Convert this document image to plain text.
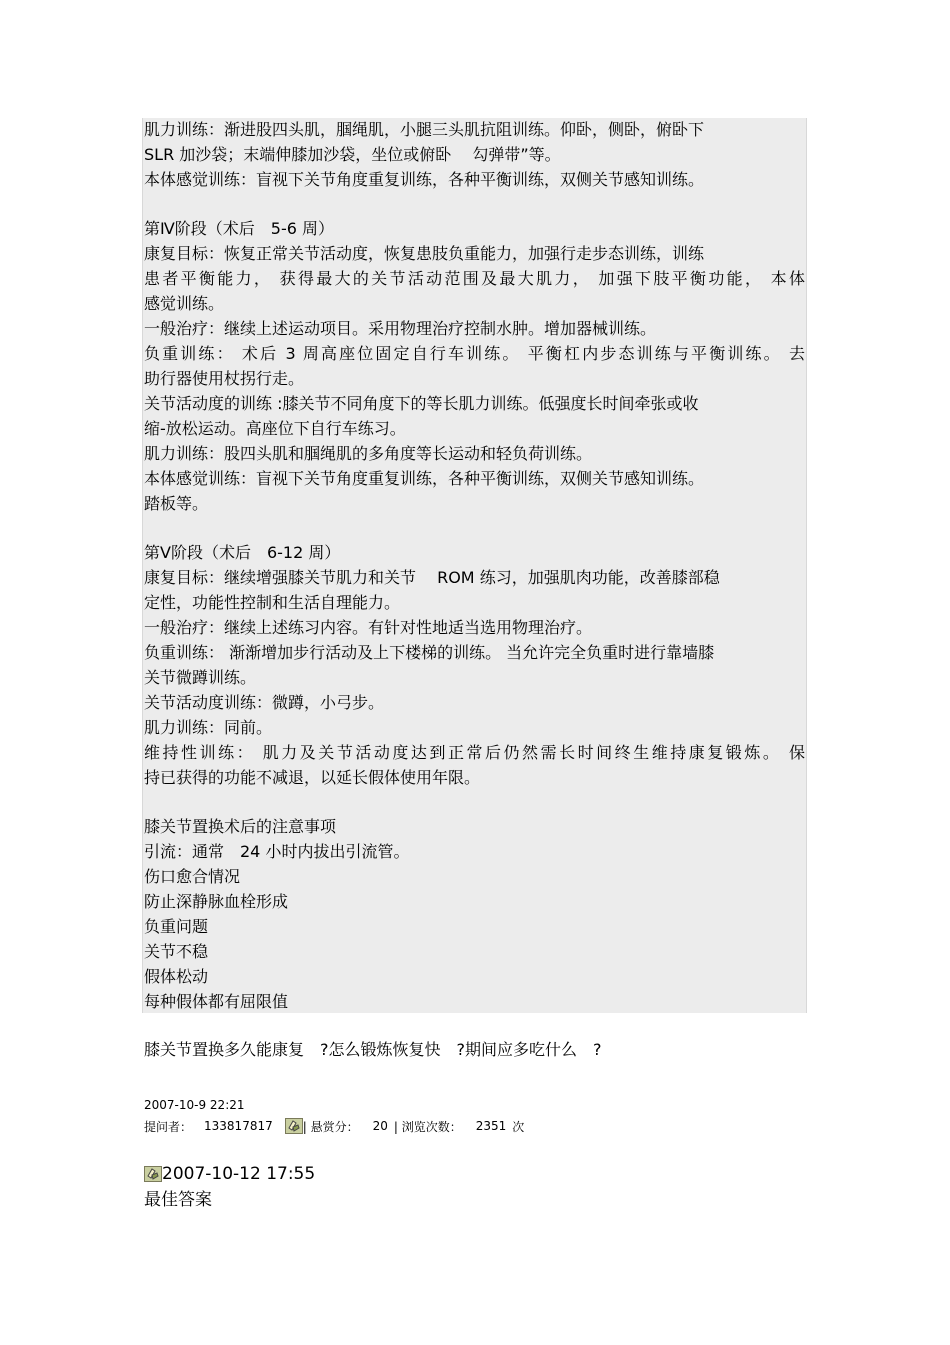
肌力训练：渐进股四头肌，腘绳肌，小腿三头肌抗阻训练。仰卧，侧卧，俯卧下
SLR 加沙袋；末端伸膝加沙袋，坐位或俯卧　 勾弹带”等。
本体感觉训练：盲视下关节角度重复训练，各种平衡训练，双侧关节感知训练。
第Ⅳ阶段（术后　5-6 周）
康复目标：恢复正常关节活动度，恢复患肢负重能力，加强行走步态训练，训练
患者平衡能力， 获得最大的关节活动范围及最大肌力， 加强下肢平衡功能， 本体
感觉训练。
一般治疗：继续上述运动项目。采用物理治疗控制水肿。增加器械训练。
负重训练： 术后 3 周高座位固定自行车训练。 平衡杠内步态训练与平衡训练。 去
助行器使用杖拐行走。
关节活动度的训练 :膝关节不同角度下的等长肌力训练。低强度长时间牵张或收
缩-放松运动。高座位下自行车练习。
肌力训练：股四头肌和腘绳肌的多角度等长运动和轻负荷训练。
本体感觉训练：盲视下关节角度重复训练，各种平衡训练，双侧关节感知训练。
踏板等。
第Ⅴ阶段（术后　6-12 周）
康复目标：继续增强膝关节肌力和关节　 ROM 练习，加强肌肉功能，改善膝部稳
定性，功能性控制和生活自理能力。
一般治疗：继续上述练习内容。有针对性地适当选用物理治疗。
负重训练： 渐渐增加步行活动及上下楼梯的训练。 当允许完全负重时进行靠墙膝
关节微蹲训练。
关节活动度训练：微蹲，小弓步。
肌力训练：同前。
维持性训练： 肌力及关节活动度达到正常后仍然需长时间终生维持康复锻炼。 保
持已获得的功能不减退，以延长假体使用年限。
膝关节置换术后的注意事项
引流：通常　24 小时内拔出引流管。
伤口愈合情况
防止深静脉血栓形成
负重问题
关节不稳
假体松动
每种假体都有屈限值
膝关节置换多久能康复　?怎么锻炼恢复快　?期间应多吃什么　?
2007-10-9 22:21
提问者： 133817817

	| 悬赏分： 20 | 浏览次数： 2351 次
2007-10-12 17:55
最佳答案
